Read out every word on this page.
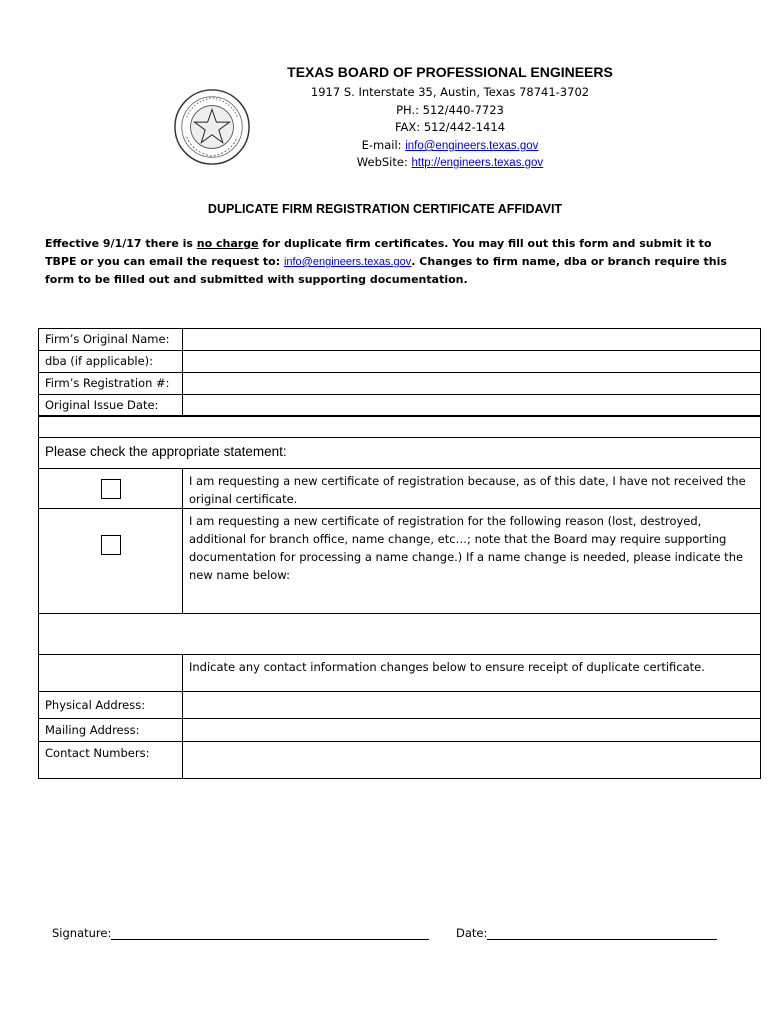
TEXAS BOARD OF PROFESSIONAL ENGINEERS
1917 S. Interstate 35, Austin, Texas 78741-3702
PH.: 512/440-7723
FAX: 512/442-1414
E-mail: info@engineers.texas.gov
WebSite: http://engineers.texas.gov
DUPLICATE FIRM REGISTRATION CERTIFICATE AFFIDAVIT
Effective 9/1/17 there is no charge for duplicate firm certificates. You may fill out this form and submit it to TBPE or you can email the request to: info@engineers.texas.gov. Changes to firm name, dba or branch require this form to be filled out and submitted with supporting documentation.
Firm’s Original Name:	
dba (if applicable):	
Firm’s Registration #:	
Original Issue Date:	

Please check the appropriate statement:	

	I am requesting a new certificate of registration because, as of this date, I have not received the original certificate.

	I am requesting a new certificate of registration for the following reason (lost, destroyed, additional for branch office, name change, etc…; note that the Board may require supporting documentation for processing a name change.) If a name change is needed, please indicate the new name below:

	Indicate any contact information changes below to ensure receipt of duplicate certificate.
Physical Address:	
Mailing Address:	
Contact Numbers:	
Signature:	Date:
